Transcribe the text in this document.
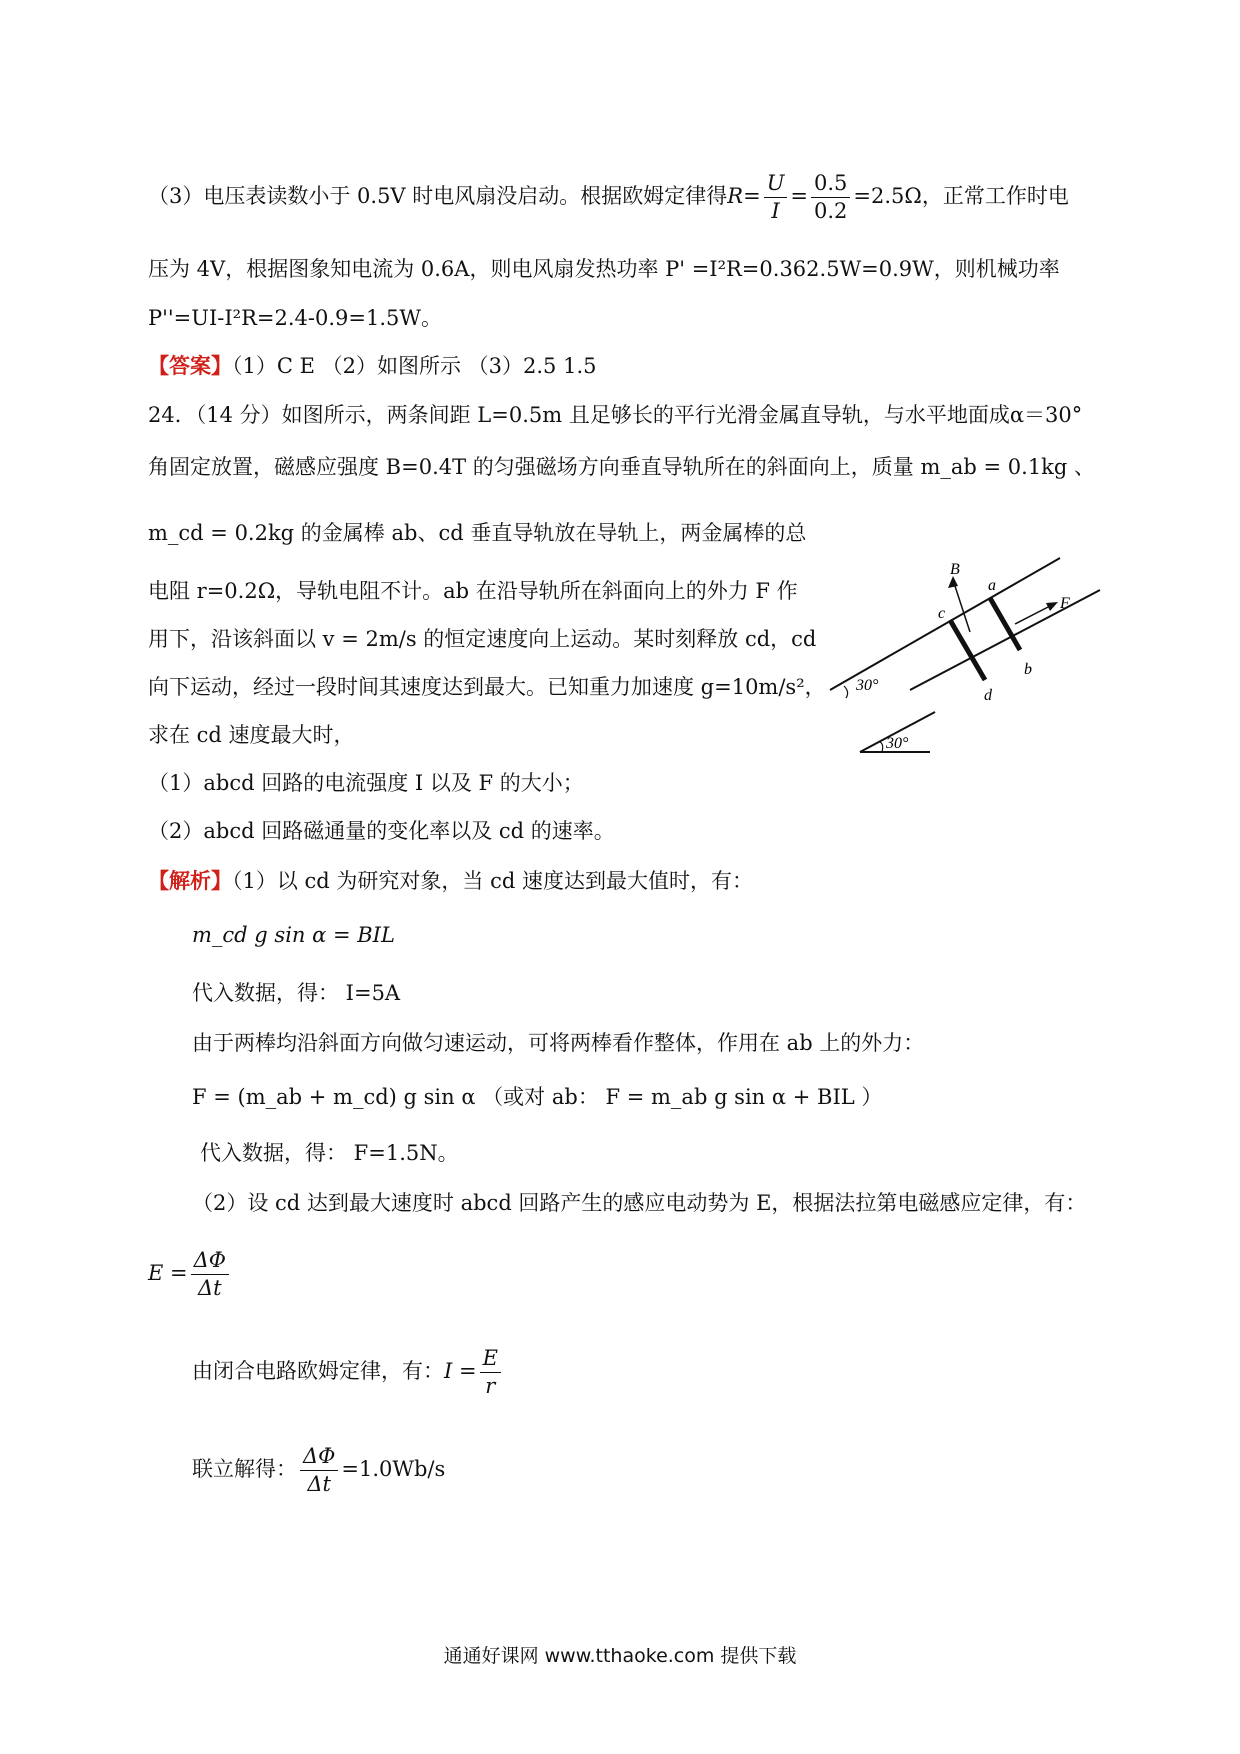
（3）电压表读数小于 0.5V 时电风扇没启动。根据欧姆定律得$R= \frac{U}{I} = \frac{0.5}{0.2} =2.5\Omega$，正常工作时电
压为 4V，根据图象知电流为 0.6A，则电风扇发热功率 P' =I²R=0.362.5W=0.9W，则机械功率
P''=UI-I²R=2.4-0.9=1.5W。
【答案】（1）C E （2）如图所示 （3）2.5 1.5
24．（14 分）如图所示，两条间距 L=0.5m 且足够长的平行光滑金属直导轨，与水平地面成α＝30°
角固定放置，磁感应强度 B=0.4T 的匀强磁场方向垂直导轨所在的斜面向上，质量 m_ab = 0.1kg 、
m_cd = 0.2kg 的金属棒 ab、cd 垂直导轨放在导轨上，两金属棒的总
电阻 r=0.2Ω，导轨电阻不计。ab 在沿导轨所在斜面向上的外力 F 作
用下，沿该斜面以 v = 2m/s 的恒定速度向上运动。某时刻释放 cd，cd
向下运动，经过一段时间其速度达到最大。已知重力加速度 g=10m/s²，
求在 cd 速度最大时，
（1）abcd 回路的电流强度 I 以及 F 的大小；
（2）abcd 回路磁通量的变化率以及 cd 的速率。
B
F
a
c
b
d
30°
30°
【解析】（1）以 cd 为研究对象，当 cd 速度达到最大值时，有：
m_cd g sin α = BIL
代入数据，得： I=5A
由于两棒均沿斜面方向做匀速运动，可将两棒看作整体，作用在 ab 上的外力：
F = (m_ab + m_cd) g sin α （或对 ab： F = m_ab g sin α + BIL ）
代入数据，得： F=1.5N。
（2）设 cd 达到最大速度时 abcd 回路产生的感应电动势为 E，根据法拉第电磁感应定律，有：
$E = \frac{\Delta\Phi}{\Delta t}$
由闭合电路欧姆定律，有：$I = \frac{E}{r}$
联立解得： $\frac{\Delta\Phi}{\Delta t} =1.0Wb/s$
通通好课网 www.tthaoke.com 提供下载
